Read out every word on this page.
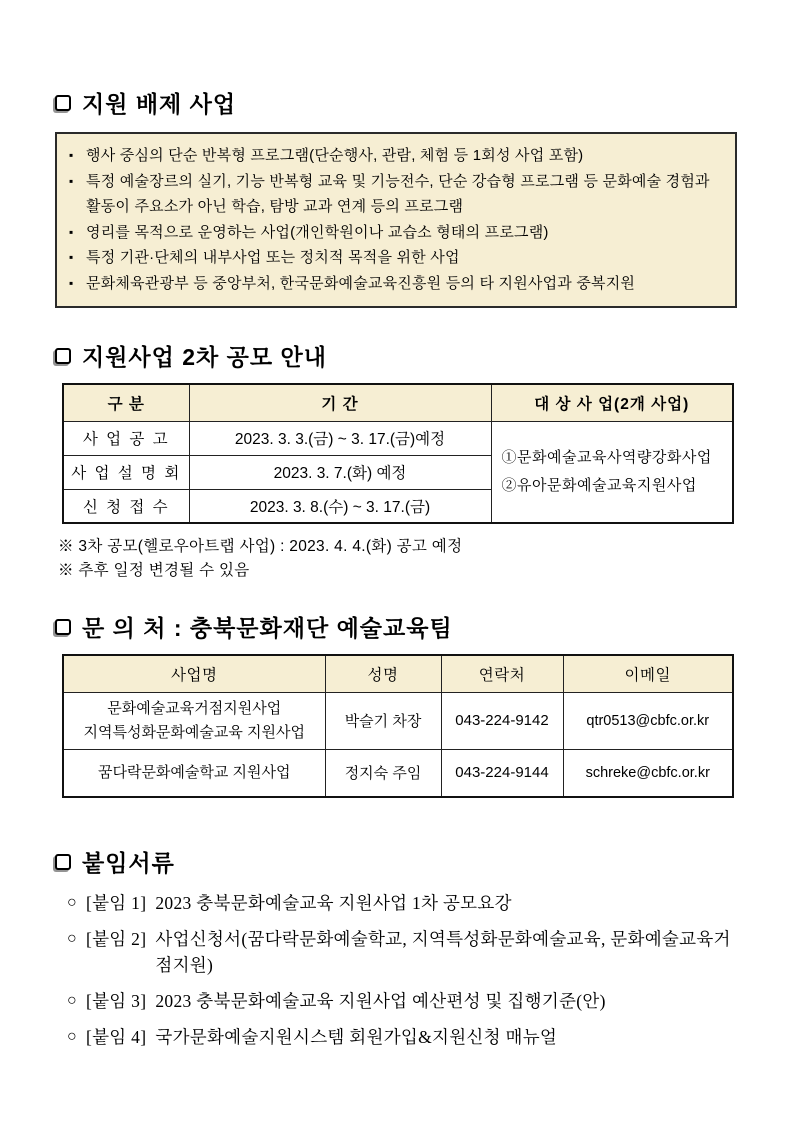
지원 배제 사업
▪ 행사 중심의 단순 반복형 프로그램(단순행사, 관람, 체험 등 1회성 사업 포함)
▪ 특정 예술장르의 실기, 기능 반복형 교육 및 기능전수, 단순 강습형 프로그램 등 문화예술 경험과 활동이 주요소가 아닌 학습, 탐방 교과 연계 등의 프로그램
▪ 영리를 목적으로 운영하는 사업(개인학원이나 교습소 형태의 프로그램)
▪ 특정 기관·단체의 내부사업 또는 정치적 목적을 위한 사업
▪ 문화체육관광부 등 중앙부처, 한국문화예술교육진흥원 등의 타 지원사업과 중복지원
지원사업 2차 공모 안내
구 분	기 간	대 상 사 업(2개 사업)
사 업 공 고	2023. 3. 3.(금) ~ 3. 17.(금)예정	①문화예술교육사역량강화사업
②유아문화예술교육지원사업

사 업 설 명 회	2023. 3. 7.(화) 예정	
신 청 접 수	2023. 3. 8.(수) ~ 3. 17.(금)	
※ 3차 공모(헬로우아트랩 사업) : 2023. 4. 4.(화) 공고 예정
※ 추후 일정 변경될 수 있음
문 의 처 : 충북문화재단 예술교육팀
사업명	성명	연락처	이메일

문화예술교육거점지원사업
지역특성화문화예술교육 지원사업	박슬기 차장	043-224-9142	qtr0513@cbfc.or.kr

꿈다락문화예술학교 지원사업	정지숙 주임	043-224-9144	schreke@cbfc.or.kr
붙임서류
○ [붙임 1] 2023 충북문화예술교육 지원사업 1차 공모요강
○ [붙임 2] 사업신청서(꿈다락문화예술학교, 지역특성화문화예술교육, 문화예술교육거점지원)
○ [붙임 3] 2023 충북문화예술교육 지원사업 예산편성 및 집행기준(안)
○ [붙임 4] 국가문화예술지원시스템 회원가입&지원신청 매뉴얼
